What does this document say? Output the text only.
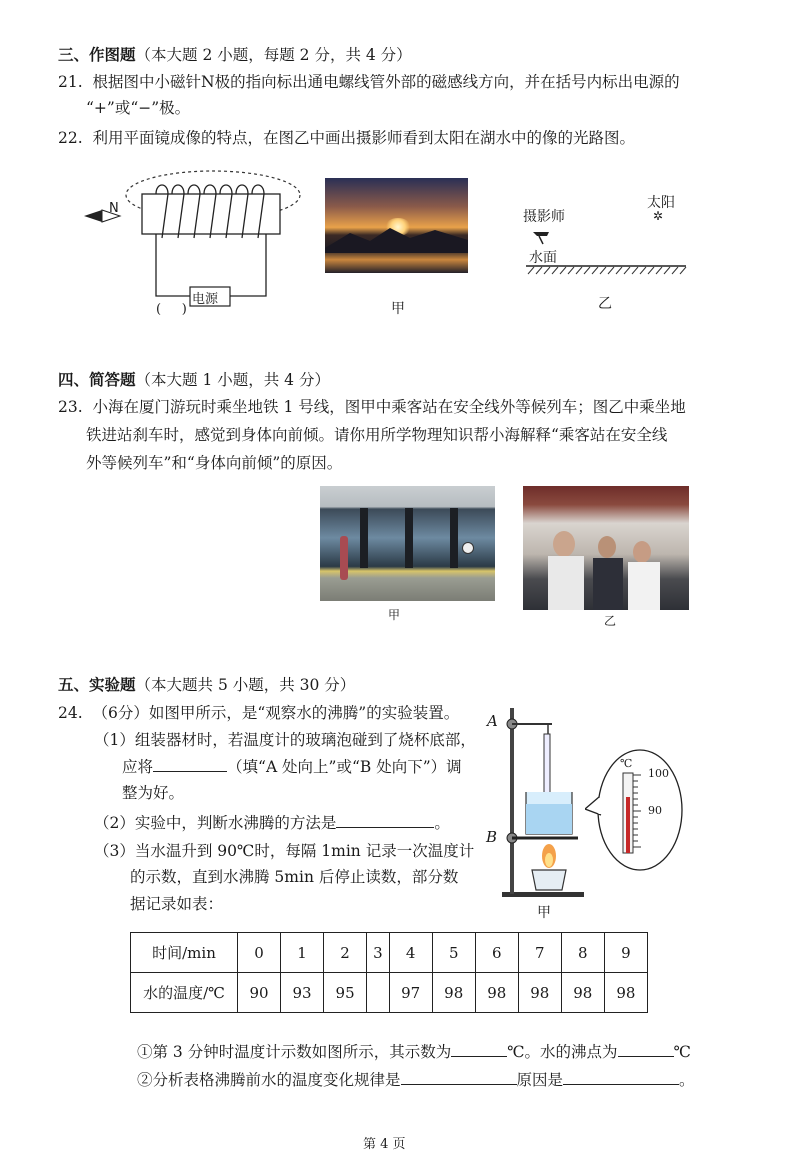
三、作图题（本大题 2 小题，每题 2 分，共 4 分）
21. 根据图中小磁针N极的指向标出通电螺线管外部的磁感线方向，并在括号内标出电源的
“+”或“−”极。
22. 利用平面镜成像的特点，在图乙中画出摄影师看到太阳在湖水中的像的光路图。
N
电源
(     )	甲
摄影师
太阳
✲
水面
乙
四、简答题（本大题 1 小题，共 4 分）
23. 小海在厦门游玩时乘坐地铁 1 号线，图甲中乘客站在安全线外等候列车；图乙中乘坐地
铁进站刹车时，感觉到身体向前倾。请你用所学物理知识帮小海解释“乘客站在安全线
外等候列车”和“身体向前倾”的原因。
甲	乙
五、实验题（本大题共 5 小题，共 30 分）
24. （6分）如图甲所示，是“观察水的沸腾”的实验装置。
（1）组装器材时，若温度计的玻璃泡碰到了烧杯底部，
应将	（填“A 处向上”或“B 处向下”）调
整为好。
（2）实验中，判断水沸腾的方法是	。
（3）当水温升到 90℃时，每隔 1min 记录一次温度计
的示数，直到水沸腾 5min 后停止读数，部分数
据记录如表：
A
B
甲
℃
100
90
时间/min	0	1	2	3	4	5	6	7	8	9
水的温度/℃	90	93	95		97	98	98	98	98	98
①第 3 分钟时温度计示数如图所示，其示数为	℃。水的沸点为	℃
②分析表格沸腾前水的温度变化规律是	原因是	。
第 4 页
